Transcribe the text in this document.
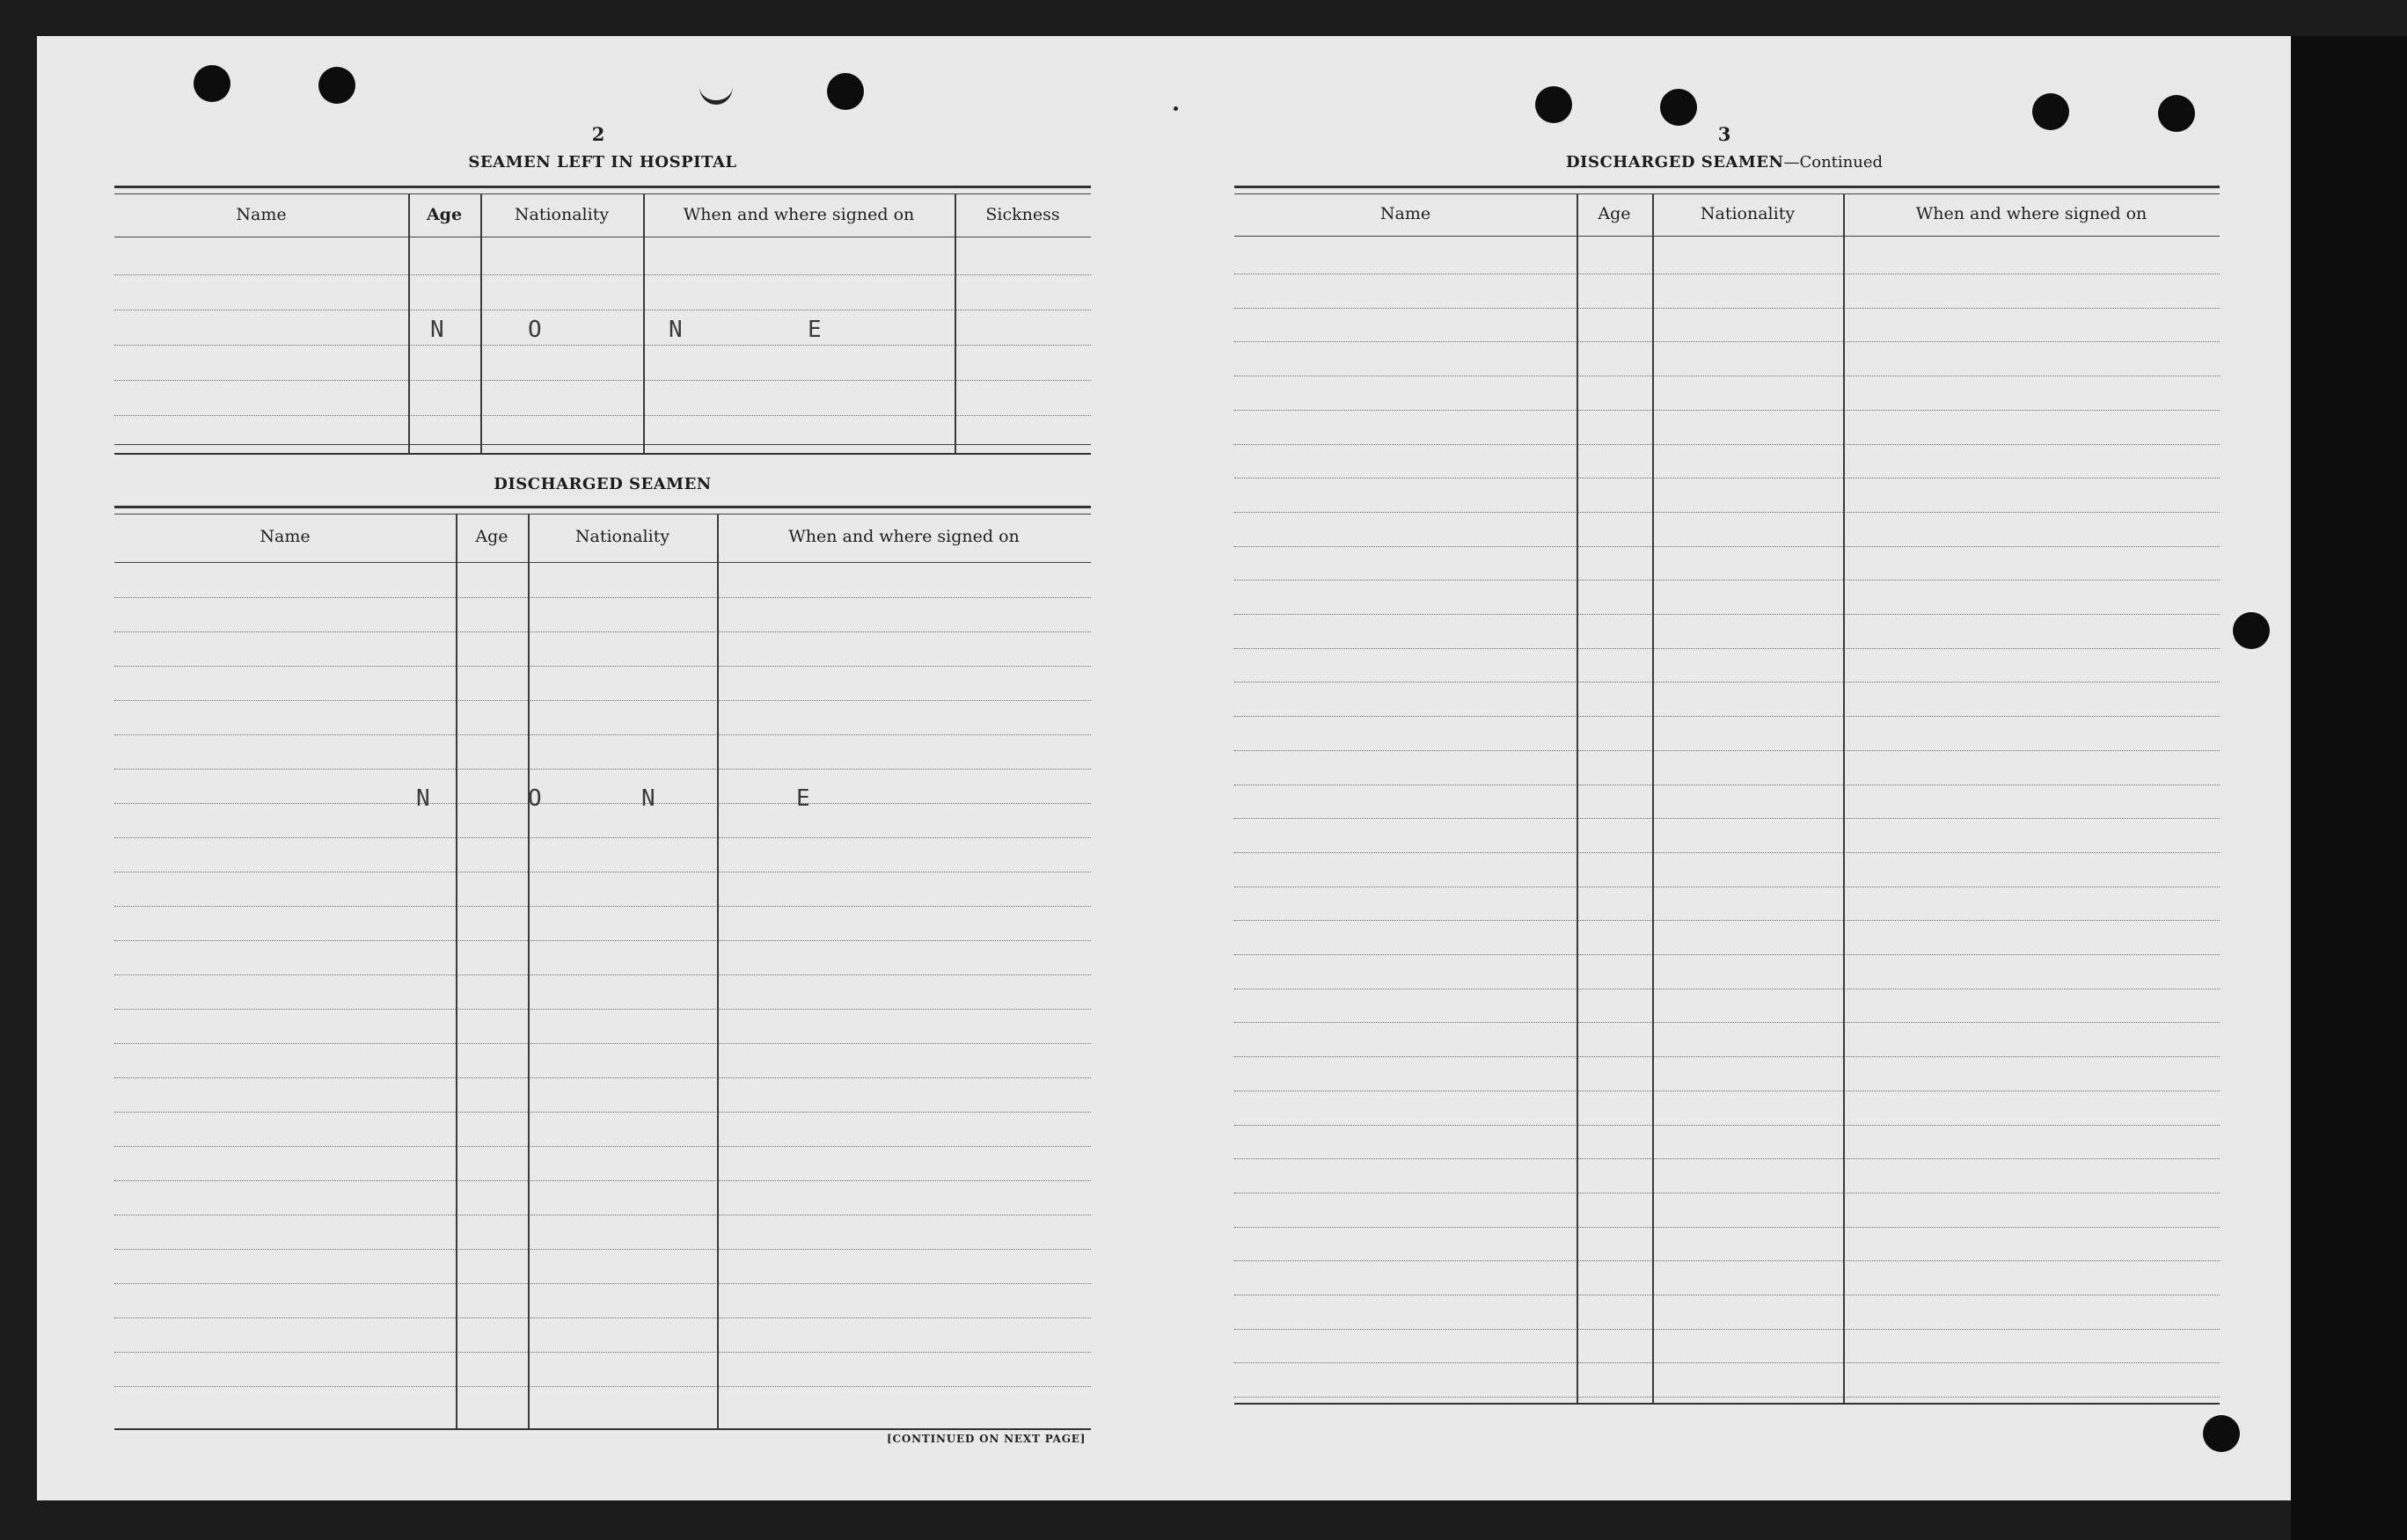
2
SEAMEN LEFT IN HOSPITAL
Name	Age	Nationality	When and where signed on	Sickness
N	O	N	E
DISCHARGED SEAMEN
Name	Age	Nationality	When and where signed on
N	O	N	E
[CONTINUED ON NEXT PAGE]
3
DISCHARGED SEAMEN—Continued
Name	Age	Nationality	When and where signed on
